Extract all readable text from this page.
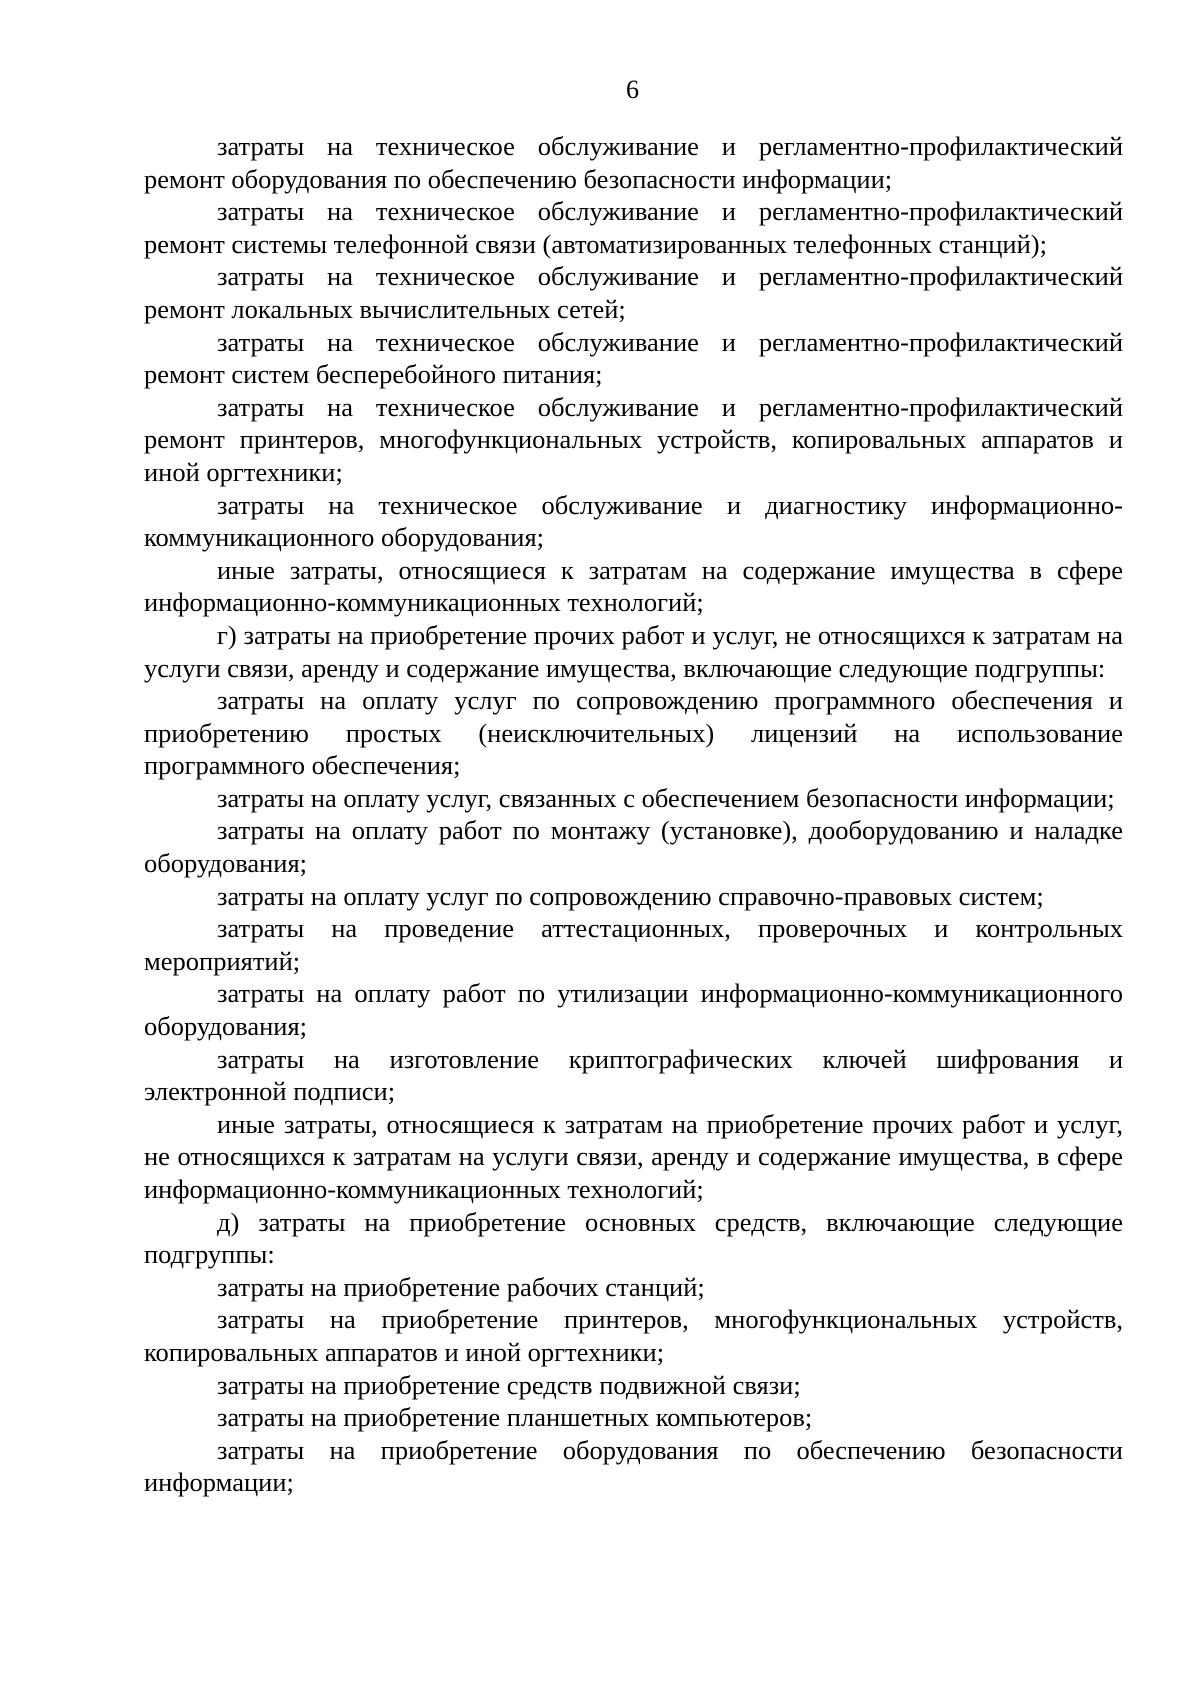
6

затраты на техническое обслуживание и регламентно-профилактический ремонт оборудования по обеспечению безопасности информации;

затраты на техническое обслуживание и регламентно-профилактический ремонт системы телефонной связи (автоматизированных телефонных станций);

затраты на техническое обслуживание и регламентно-профилактический ремонт локальных вычислительных сетей;

затраты на техническое обслуживание и регламентно-профилактический ремонт систем бесперебойного питания;

затраты на техническое обслуживание и регламентно-профилактический ремонт принтеров, многофункциональных устройств, копировальных аппаратов и иной оргтехники;

затраты на техническое обслуживание и диагностику информационно-коммуникационного оборудования;

иные затраты, относящиеся к затратам на содержание имущества в сфере информационно-коммуникационных технологий;

г) затраты на приобретение прочих работ и услуг, не относящихся к затратам на услуги связи, аренду и содержание имущества, включающие следующие подгруппы:

затраты на оплату услуг по сопровождению программного обеспечения и приобретению простых (неисключительных) лицензий на использование программного обеспечения;

затраты на оплату услуг, связанных с обеспечением безопасности информации;

затраты на оплату работ по монтажу (установке), дооборудованию и наладке оборудования;

затраты на оплату услуг по сопровождению справочно-правовых систем;

затраты на проведение аттестационных, проверочных и контрольных мероприятий;

затраты на оплату работ по утилизации информационно-коммуникационного оборудования;

затраты на изготовление криптографических ключей шифрования и электронной подписи;

иные затраты, относящиеся к затратам на приобретение прочих работ и услуг, не относящихся к затратам на услуги связи, аренду и содержание имущества, в сфере информационно-коммуникационных технологий;

д) затраты на приобретение основных средств, включающие следующие подгруппы:

затраты на приобретение рабочих станций;

затраты на приобретение принтеров, многофункциональных устройств, копировальных аппаратов и иной оргтехники;

затраты на приобретение средств подвижной связи;

затраты на приобретение планшетных компьютеров;

затраты на приобретение оборудования по обеспечению безопасности информации;
